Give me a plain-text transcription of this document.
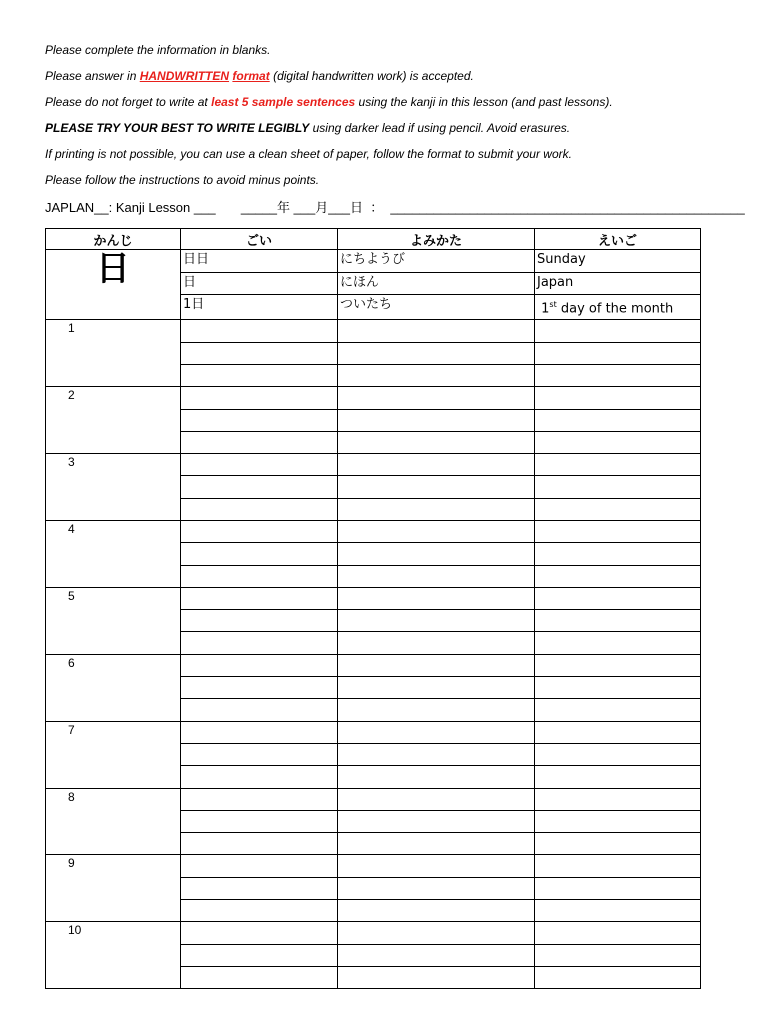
Please complete the information in blanks.
Please answer in HANDWRITTEN format (digital handwritten work) is accepted.
Please do not forget to write at least 5 sample sentences using the kanji in this lesson (and past lessons).
PLEASE TRY YOUR BEST TO WRITE LEGIBLY using darker lead if using pencil. Avoid erasures.
If printing is not possible, you can use a clean sheet of paper, follow the format to submit your work.
Please follow the instructions to avoid minus points.
JAPLAN__: Kanji Lesson ___       _____年 ___月___日  ：  _________________________________________________
かんじ	ごい	よみかた	えいご
日	日日	にちようび	Sunday
	日	にほん	Japan
	1日	ついたち	1st day of the month
1			

2			

3			

4			

5			

6			

7			

8			

9			

10			
